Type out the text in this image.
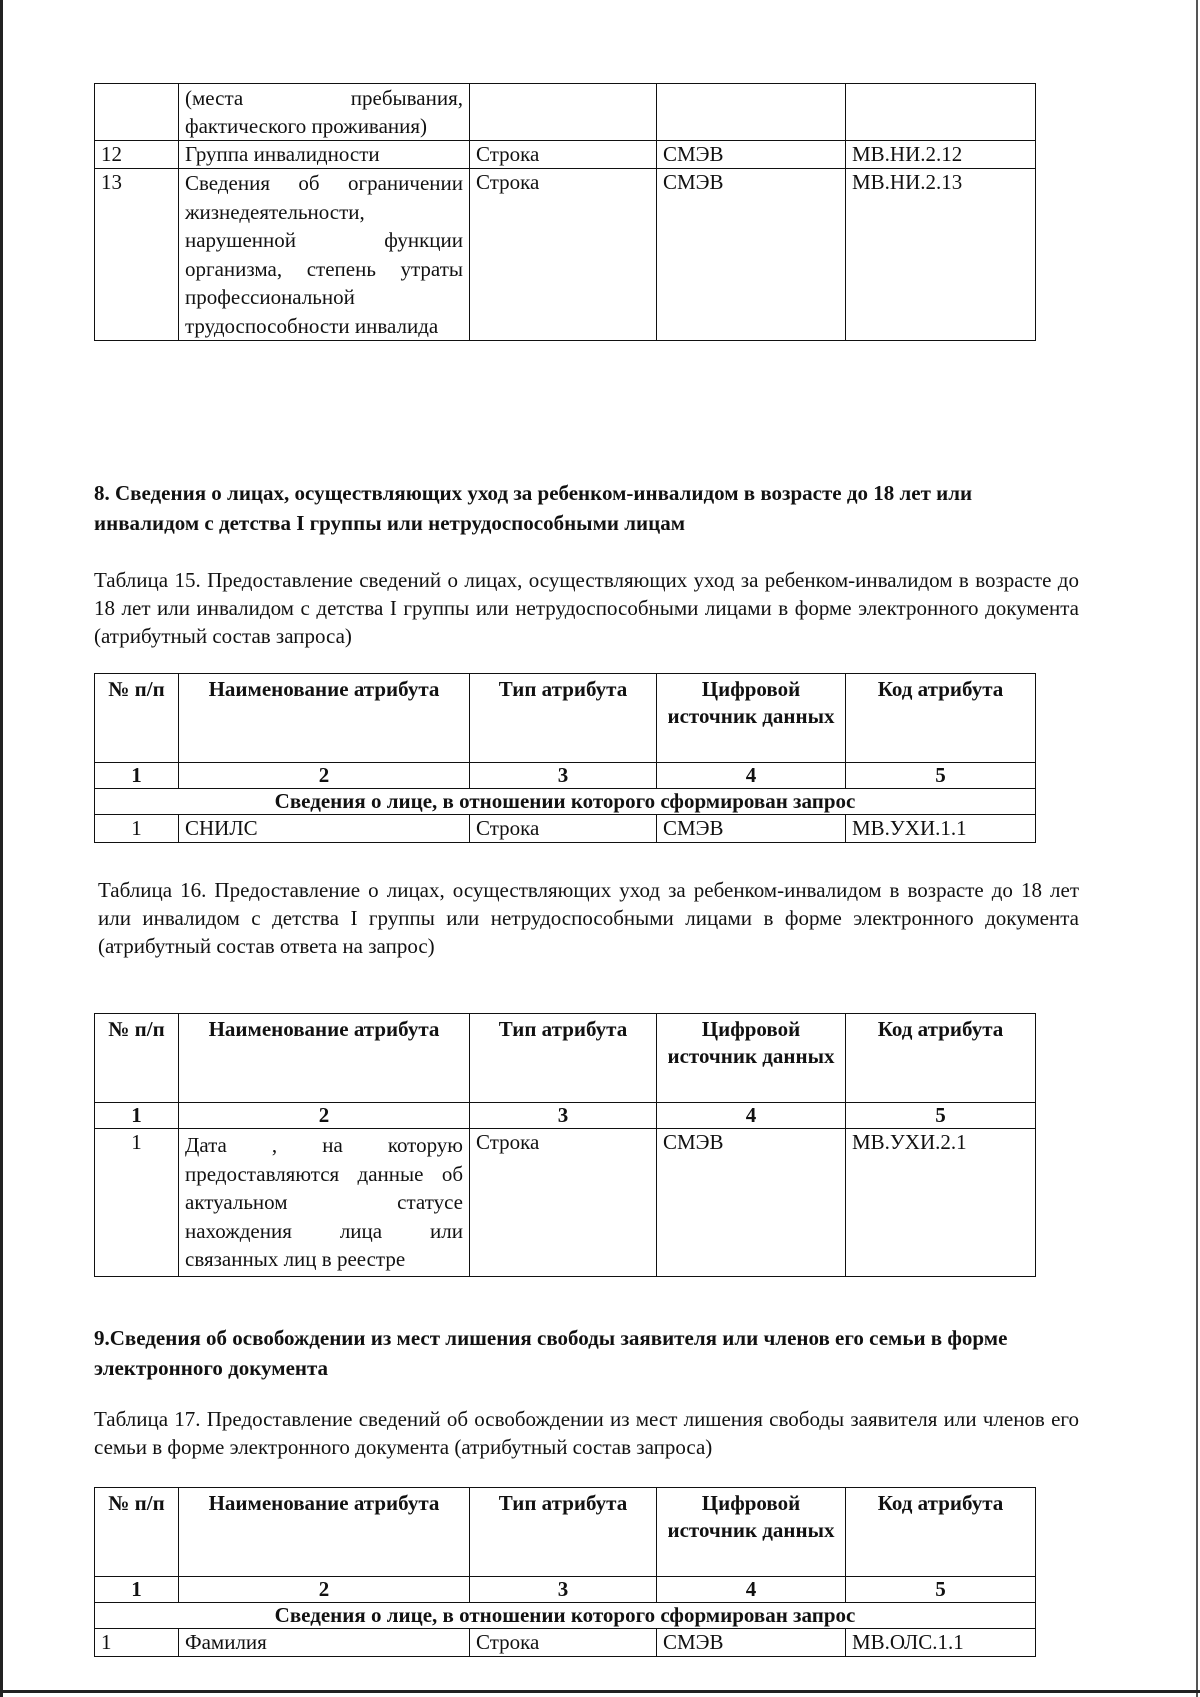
	(места пребывания, фактического проживания)			
12	Группа инвалидности	Строка	СМЭВ	МВ.НИ.2.12
13	Сведения об ограничении жизнедеятельности, нарушенной функции организма, степень утраты профессиональной трудоспособности инвалида	Строка	СМЭВ	МВ.НИ.2.13
8. Сведения о лицах, осуществляющих уход за ребенком-инвалидом в возрасте до 18 лет или инвалидом с детства I группы или нетрудоспособными лицам
Таблица 15. Предоставление сведений о лицах, осуществляющих уход за ребенком-инвалидом в возрасте до 18 лет или инвалидом с детства I группы или нетрудоспособными лицами в форме электронного документа (атрибутный состав запроса)
№ п/п	Наименование атрибута	Тип атрибута	Цифровой источник данных	Код атрибута
1	2	3	4	5
Сведения о лице, в отношении которого сформирован запрос				
1	СНИЛС	Строка	СМЭВ	МВ.УХИ.1.1
Таблица 16. Предоставление о лицах, осуществляющих уход за ребенком-инвалидом в возрасте до 18 лет или инвалидом с детства I группы или нетрудоспособными лицами в форме электронного документа (атрибутный состав ответа на запрос)
№ п/п	Наименование атрибута	Тип атрибута	Цифровой источник данных	Код атрибута
1	2	3	4	5
1	Дата , на которую предоставляются данные об актуальном статусе нахождения лица или связанных лиц в реестре	Строка	СМЭВ	МВ.УХИ.2.1
9.Сведения об освобождении из мест лишения свободы заявителя или членов его семьи в форме электронного документа
Таблица 17. Предоставление сведений об освобождении из мест лишения свободы заявителя или членов его семьи в форме электронного документа (атрибутный состав запроса)
№ п/п	Наименование атрибута	Тип атрибута	Цифровой источник данных	Код атрибута
1	2	3	4	5
Сведения о лице, в отношении которого сформирован запрос				
1	Фамилия	Строка	СМЭВ	МВ.ОЛС.1.1
